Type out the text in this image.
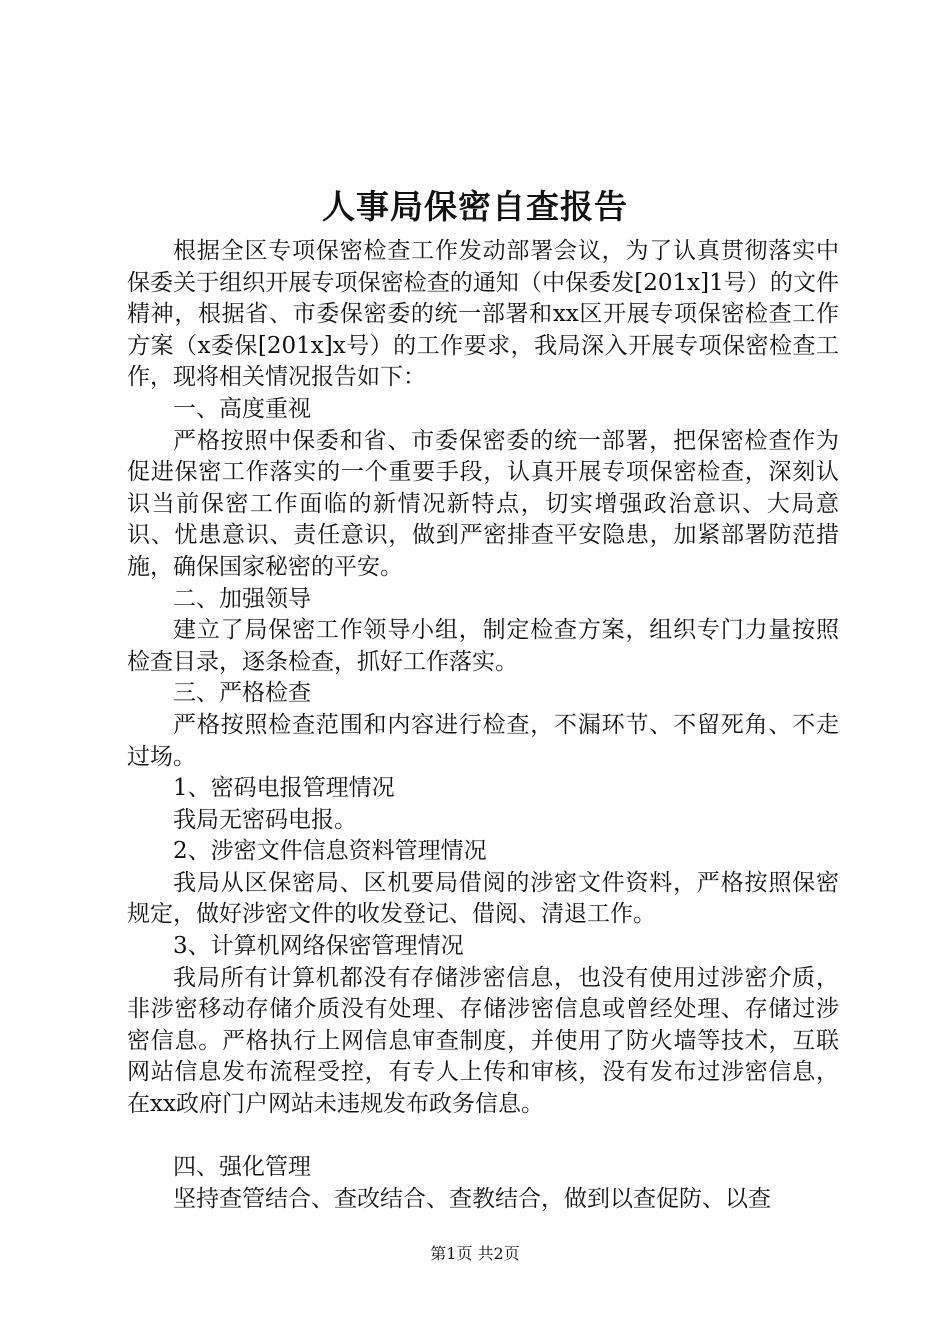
人事局保密自查报告

根据全区专项保密检查工作发动部署会议，为了认真贯彻落实中保委关于组织开展专项保密检查的通知（中保委发[201x]1号）的文件精神，根据省、市委保密委的统一部署和xx区开展专项保密检查工作方案（x委保[201x]x号）的工作要求，我局深入开展专项保密检查工作，现将相关情况报告如下：

一、高度重视

严格按照中保委和省、市委保密委的统一部署，把保密检查作为促进保密工作落实的一个重要手段，认真开展专项保密检查，深刻认识当前保密工作面临的新情况新特点，切实增强政治意识、大局意识、忧患意识、责任意识，做到严密排查平安隐患，加紧部署防范措施，确保国家秘密的平安。

二、加强领导

建立了局保密工作领导小组，制定检查方案，组织专门力量按照检查目录，逐条检查，抓好工作落实。

三、严格检查

严格按照检查范围和内容进行检查，不漏环节、不留死角、不走过场。

1、密码电报管理情况

我局无密码电报。

2、涉密文件信息资料管理情况

我局从区保密局、区机要局借阅的涉密文件资料，严格按照保密规定，做好涉密文件的收发登记、借阅、清退工作。

3、计算机网络保密管理情况

我局所有计算机都没有存储涉密信息，也没有使用过涉密介质，非涉密移动存储介质没有处理、存储涉密信息或曾经处理、存储过涉密信息。严格执行上网信息审查制度，并使用了防火墙等技术，互联网站信息发布流程受控，有专人上传和审核，没有发布过涉密信息，在xx政府门户网站未违规发布政务信息。

四、强化管理

坚持查管结合、查改结合、查教结合，做到以查促防、以查

第1页 共2页
